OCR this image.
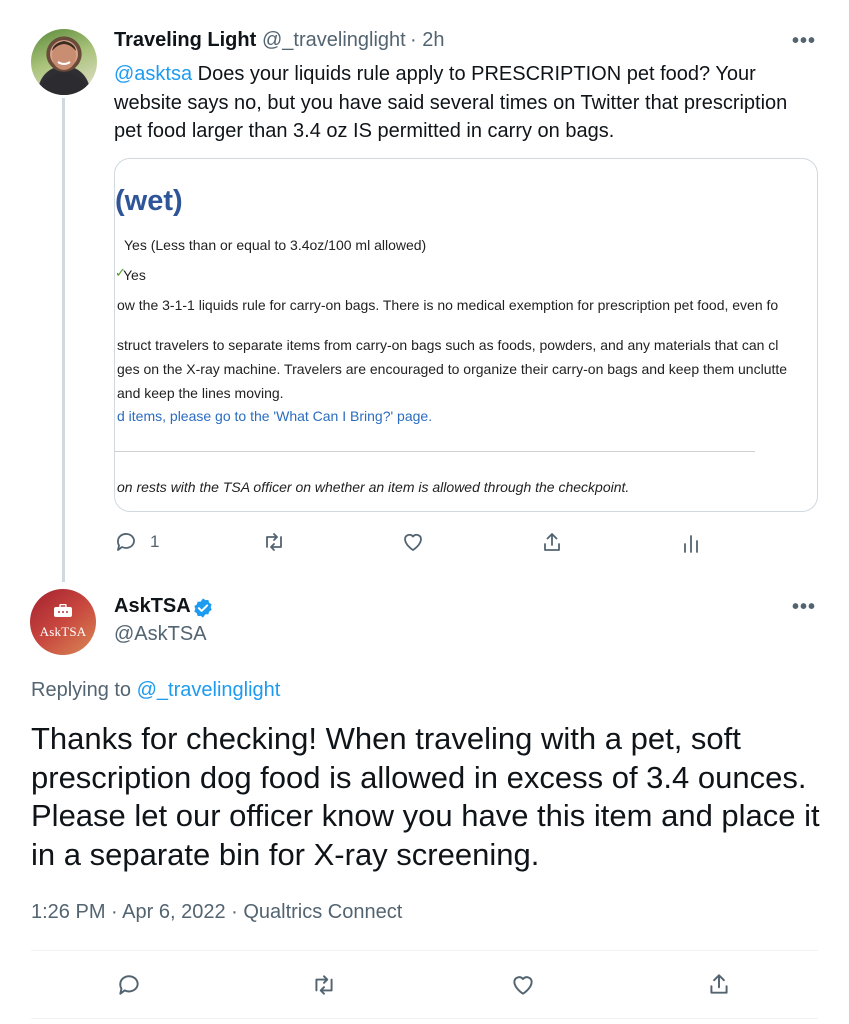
Traveling Light @_travelinglight · 2h	•••
@asktsa Does your liquids rule apply to PRESCRIPTION pet food? Your website says no, but you have said several times on Twitter that prescription pet food larger than 3.4 oz IS permitted in carry on bags.
(wet)
Yes (Less than or equal to 3.4oz/100 ml allowed)
✓
Yes
ow the 3-1-1 liquids rule for carry-on bags. There is no medical exemption for prescription pet food, even fo
struct travelers to separate items from carry-on bags such as foods, powders, and any materials that can cl
ges on the X-ray machine. Travelers are encouraged to organize their carry-on bags and keep them unclutte
and keep the lines moving.
d items, please go to the 'What Can I Bring?' page.
on rests with the TSA officer on whether an item is allowed through the checkpoint.
1
AskTSA
AskTSA
@AskTSA
•••
Replying to @_travelinglight
Thanks for checking! When traveling with a pet, soft prescription dog food is allowed in excess of 3.4 ounces. Please let our officer know you have this item and place it in a separate bin for X-ray screening.
1:26 PM · Apr 6, 2022 · Qualtrics Connect
